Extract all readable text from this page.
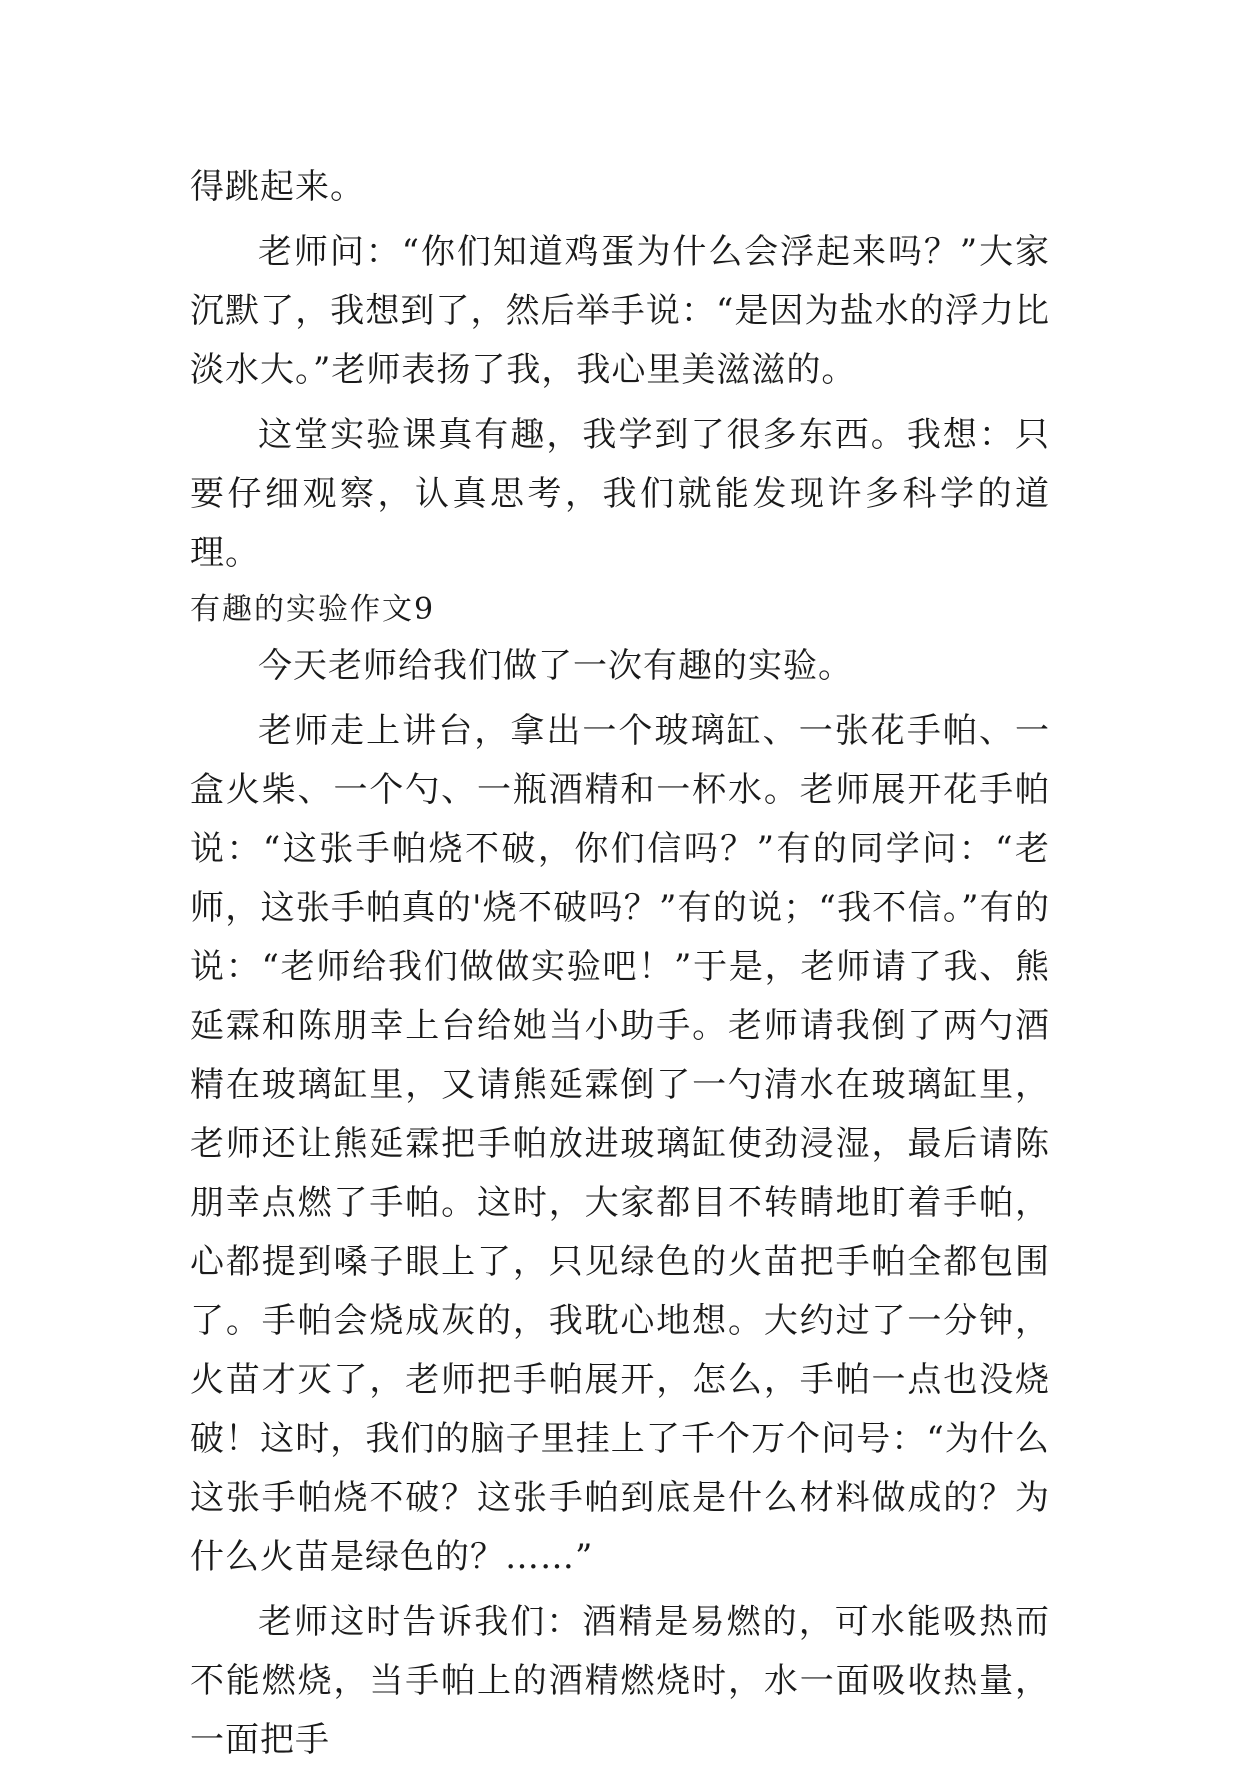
得跳起来。

老师问：“你们知道鸡蛋为什么会浮起来吗？”大家沉默了，我想到了，然后举手说：“是因为盐水的浮力比淡水大。”老师表扬了我，我心里美滋滋的。

这堂实验课真有趣，我学到了很多东西。我想：只要仔细观察，认真思考，我们就能发现许多科学的道理。

有趣的实验作文9

今天老师给我们做了一次有趣的实验。

老师走上讲台，拿出一个玻璃缸、一张花手帕、一盒火柴、一个勺、一瓶酒精和一杯水。老师展开花手帕说：“这张手帕烧不破，你们信吗？”有的同学问：“老师，这张手帕真的'烧不破吗？”有的说；“我不信。”有的说：“老师给我们做做实验吧！”于是，老师请了我、熊延霖和陈朋幸上台给她当小助手。老师请我倒了两勺酒精在玻璃缸里，又请熊延霖倒了一勺清水在玻璃缸里，老师还让熊延霖把手帕放进玻璃缸使劲浸湿，最后请陈朋幸点燃了手帕。这时，大家都目不转睛地盯着手帕，心都提到嗓子眼上了，只见绿色的火苗把手帕全都包围了。手帕会烧成灰的，我耽心地想。大约过了一分钟，火苗才灭了，老师把手帕展开，怎么，手帕一点也没烧破！这时，我们的脑子里挂上了千个万个问号：“为什么这张手帕烧不破？这张手帕到底是什么材料做成的？为什么火苗是绿色的？……”

老师这时告诉我们：酒精是易燃的，可水能吸热而不能燃烧，当手帕上的酒精燃烧时，水一面吸收热量，一面把手
